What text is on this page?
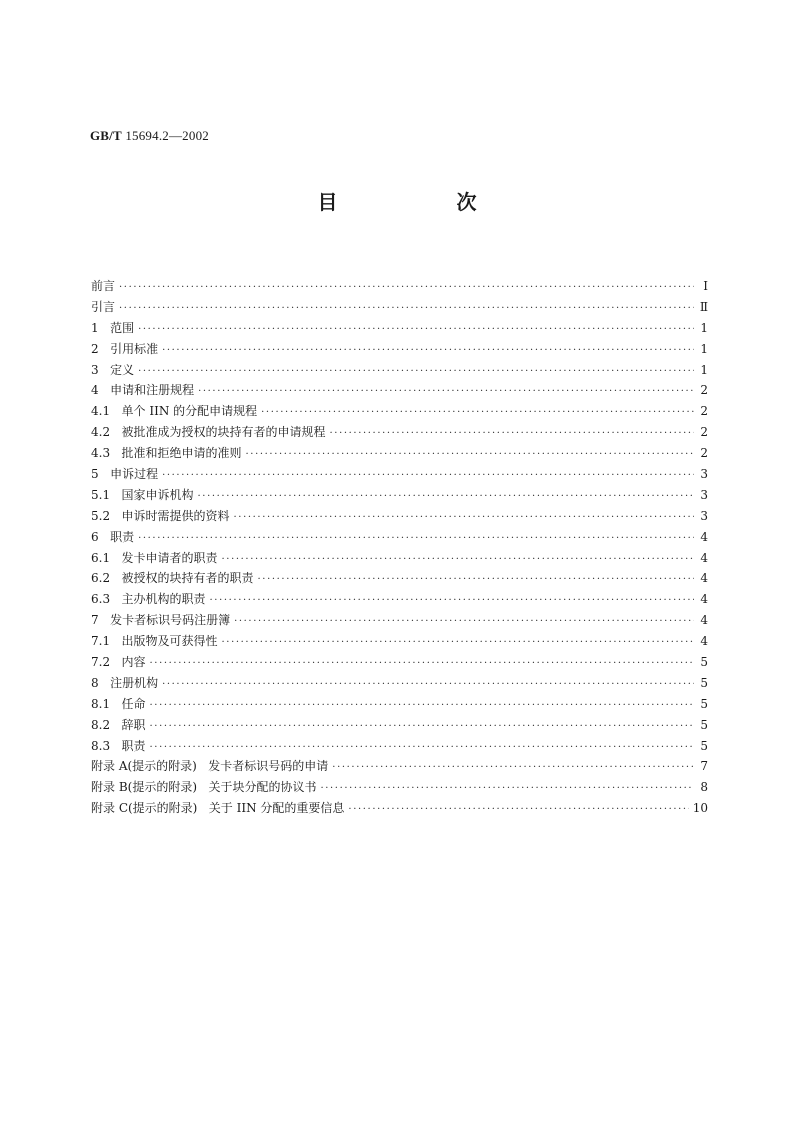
GB/T 15694.2—2002
目 次
前言 ·····	I
引言 ·····	Ⅱ
1   范围 ·····	1
2   引用标准 ·····	1
3   定义 ·····	1
4   申请和注册规程 ·····	2
4.1   单个 IIN 的分配申请规程 ·····	2
4.2   被批准成为授权的块持有者的申请规程 ·····	2
4.3   批准和拒绝申请的准则 ·····	2
5   申诉过程 ·····	3
5.1   国家申诉机构 ·····	3
5.2   申诉时需提供的资料 ·····	3
6   职责 ·····	4
6.1   发卡申请者的职责 ·····	4
6.2   被授权的块持有者的职责 ·····	4
6.3   主办机构的职责 ·····	4
7   发卡者标识号码注册簿 ·····	4
7.1   出版物及可获得性 ·····	4
7.2   内容 ·····	5
8   注册机构 ·····	5
8.1   任命 ·····	5
8.2   辞职 ·····	5
8.3   职责 ·····	5
附录 A(提示的附录)   发卡者标识号码的申请 ·····	7
附录 B(提示的附录)   关于块分配的协议书 ·····	8
附录 C(提示的附录)   关于 IIN 分配的重要信息 ·····	10
